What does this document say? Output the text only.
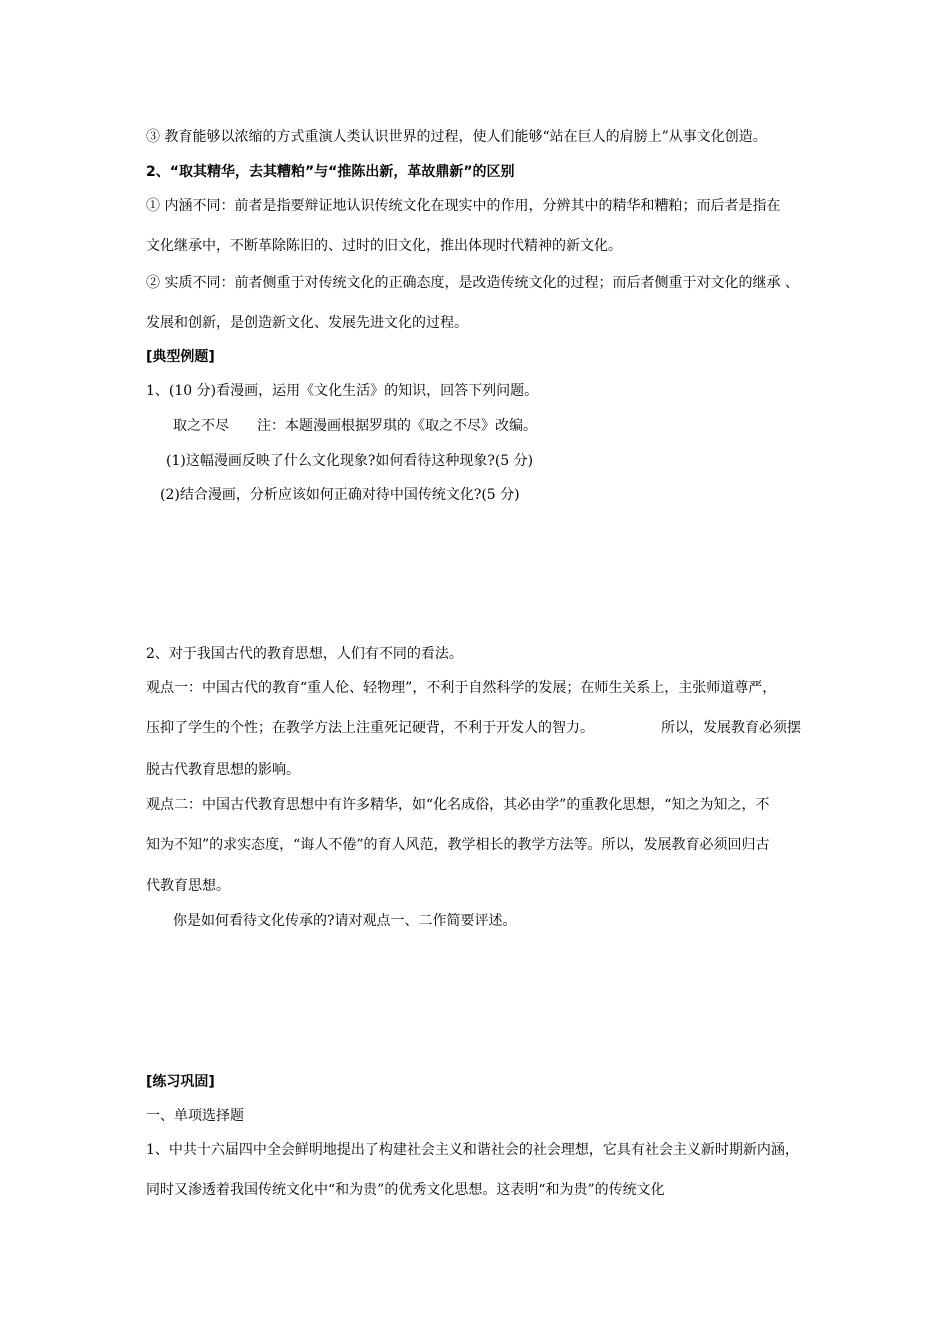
③ 教育能够以浓缩的方式重演人类认识世界的过程，使人们能够“站在巨人的肩膀上”从事文化创造。
2、“取其精华，去其糟粕”与“推陈出新，革故鼎新”的区别
① 内涵不同：前者是指要辩证地认识传统文化在现实中的作用，分辨其中的精华和糟粕；而后者是指在
文化继承中，不断革除陈旧的、过时的旧文化，推出体现时代精神的新文化。
② 实质不同：前者侧重于对传统文化的正确态度，是改造传统文化的过程；而后者侧重于对文化的继承 、
发展和创新，是创造新文化、发展先进文化的过程。
[典型例题]
1、(10 分)看漫画，运用《文化生活》的知识，回答下列问题。
取之不尽　　注：本题漫画根据罗琪的《取之不尽》改编。
(1)这幅漫画反映了什么文化现象?如何看待这种现象?(5 分)
(2)结合漫画，分析应该如何正确对待中国传统文化?(5 分)
2、对于我国古代的教育思想，人们有不同的看法。
观点一：中国古代的教育“重人伦、轻物理”，不利于自然科学的发展；在师生关系上，主张师道尊严，
压抑了学生的个性；在教学方法上注重死记硬背，不利于开发人的智力。	所以，发展教育必须摆
脱古代教育思想的影响。
观点二：中国古代教育思想中有许多精华，如“化名成俗，其必由学”的重教化思想，“知之为知之，不
知为不知”的求实态度，“诲人不倦”的育人风范，教学相长的教学方法等。所以，发展教育必须回归古
代教育思想。
你是如何看待文化传承的?请对观点一、二作简要评述。
[练习巩固]
一、单项选择题
1、中共十六届四中全会鲜明地提出了构建社会主义和谐社会的社会理想，它具有社会主义新时期新内涵，
同时又渗透着我国传统文化中“和为贵”的优秀文化思想。这表明“和为贵”的传统文化
